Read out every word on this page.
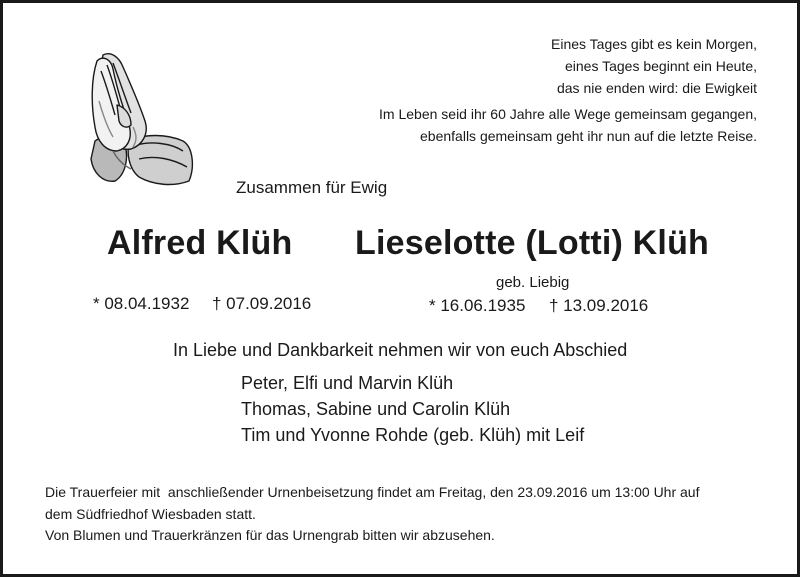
Eines Tages gibt es kein Morgen,
eines Tages beginnt ein Heute,
das nie enden wird: die Ewigkeit
Im Leben seid ihr 60 Jahre alle Wege gemeinsam gegangen,
ebenfalls gemeinsam geht ihr nun auf die letzte Reise.
Zusammen für Ewig
Alfred Klüh Lieselotte (Lotti) Klüh
geb. Liebig
* 08.04.1932 † 07.09.2016	* 16.06.1935 † 13.09.2016
In Liebe und Dankbarkeit nehmen wir von euch Abschied
Peter, Elfi und Marvin Klüh
Thomas, Sabine und Carolin Klüh
Tim und Yvonne Rohde (geb. Klüh) mit Leif
Die Trauerfeier mit  anschließender Urnenbeisetzung findet am Freitag, den 23.09.2016 um 13:00 Uhr auf
dem Südfriedhof Wiesbaden statt.
Von Blumen und Trauerkränzen für das Urnengrab bitten wir abzusehen.
